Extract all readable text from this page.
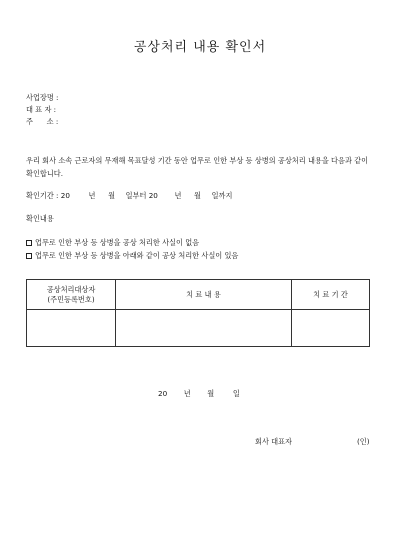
공상처리 내용 확인서
사업장명 :
대 표 자 :
주      소 :
우리 회사 소속 근로자의 무재해 목표달성 기간 동안 업무로 인한 부상 등 상병의 공상처리 내용을 다음과 같이 확인합니다.
확인기간 : 20	년 월 일부터 20 년 월 일까지
확인내용
업무로 인한 부상 등 상병을 공상 처리한 사실이 없음
업무로 인한 부상 등 상병을 아래와 같이 공상 처리한 사실이 있음
공상처리대상자
(주민등록번호)	치 료 내 용	치 료 기 간

20 년 월	일
회사 대표자	(인)
